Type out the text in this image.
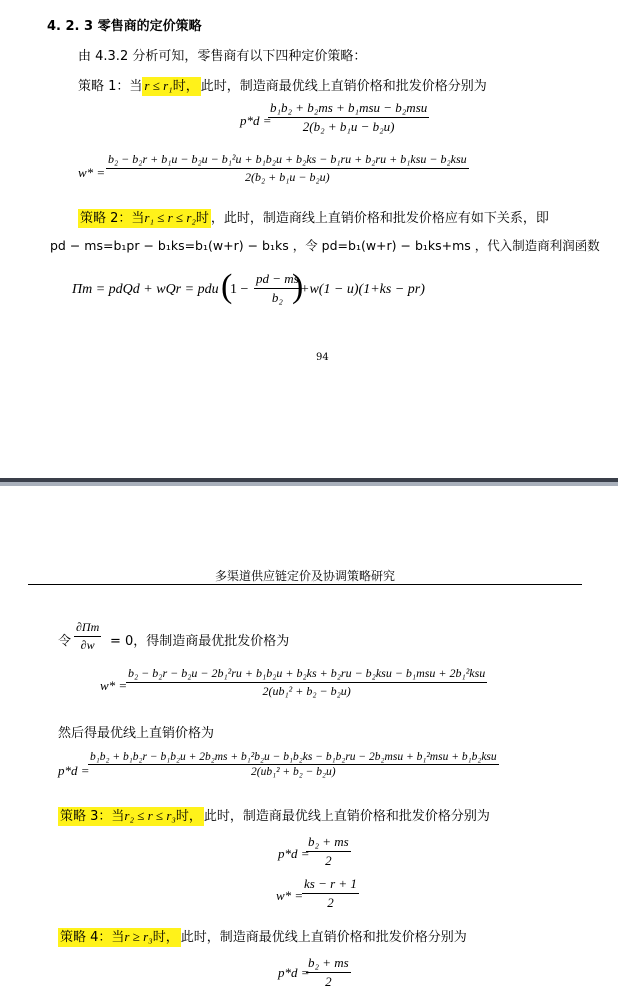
4. 2. 3 零售商的定价策略
由 4.3.2 分析可知，零售商有以下四种定价策略：
策略 1：当 r ≤ r₁时， 此时，制造商最优线上直销价格和批发价格分别为
p*d =
b₁b₂ + b₂ms + b₁msu − b₂msu
2(b₂ + b₁u − b₂u)
w* =
b₂ − b₂r + b₁u − b₂u − b₁²u + b₁b₂u + b₂ks − b₁ru + b₂ru + b₁ksu − b₂ksu
2(b₂ + b₁u − b₂u)
策略 2：当r₁ ≤ r ≤ r₂时 ，此时，制造商线上直销价格和批发价格应有如下关系，即
pd − ms=b₁pr − b₁ks=b₁(w+r) − b₁ks ，令 pd=b₁(w+r) − b₁ks+ms ，代入制造商利润函数
Πm = pdQd + wQr = pdu (
$1 - \frac{pd - ms}{\text{b₂}}$
)
+w(1 − u)(1+ks − pr)
94
多渠道供应链定价及协调策略研究
令 $\frac{\partial\Pi m}{\partial w} = 0$，得制造商最优批发价格为
w* =
b₂ − b₂r − b₂u − 2b₁²ru + b₁b₂u + b₂ks + b₂ru − b₂ksu − b₁msu + 2b₁²ksu
2(ub₁² + b₂ − b₂u)
然后得最优线上直销价格为
p*d =
b₁b₂ + b₁b₂r − b₁b₂u + 2b₂ms + b₁²b₂u − b₁b₂ks − b₁b₂ru − 2b₂msu + b₁²msu + b₁b₂ksu
2(ub₁² + b₂ − b₂u)
策略 3：当r₂ ≤ r ≤ r₃时， 此时，制造商最优线上直销价格和批发价格分别为
p*d =
$\frac{\text{b₂ + ms}}{2}$
w* =
$\frac{ks - r + 1}{2}$
策略 4：当r ≥ r₃时， 此时，制造商最优线上直销价格和批发价格分别为
p*d =
$\frac{\text{b₂ + ms}}{2}$
